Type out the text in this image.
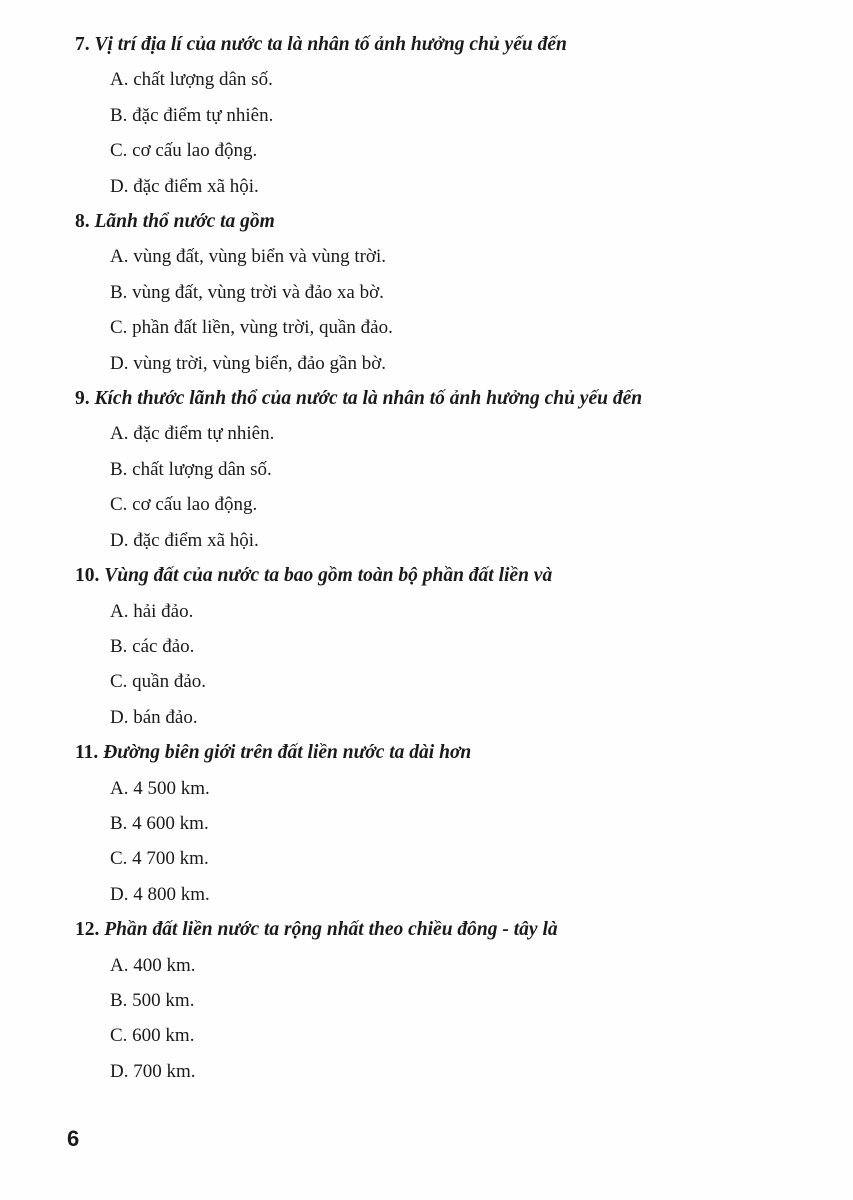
7. Vị trí địa lí của nước ta là nhân tố ảnh hưởng chủ yếu đến
A. chất lượng dân số.
B. đặc điểm tự nhiên.
C. cơ cấu lao động.
D. đặc điểm xã hội.
8. Lãnh thổ nước ta gồm
A. vùng đất, vùng biển và vùng trời.
B. vùng đất, vùng trời và đảo xa bờ.
C. phần đất liền, vùng trời, quần đảo.
D. vùng trời, vùng biển, đảo gần bờ.
9. Kích thước lãnh thổ của nước ta là nhân tố ảnh hưởng chủ yếu đến
A. đặc điểm tự nhiên.
B. chất lượng dân số.
C. cơ cấu lao động.
D. đặc điểm xã hội.
10. Vùng đất của nước ta bao gồm toàn bộ phần đất liền và
A. hải đảo.
B. các đảo.
C. quần đảo.
D. bán đảo.
11. Đường biên giới trên đất liền nước ta dài hơn
A. 4 500 km.
B. 4 600 km.
C. 4 700 km.
D. 4 800 km.
12. Phần đất liền nước ta rộng nhất theo chiều đông - tây là
A. 400 km.
B. 500 km.
C. 600 km.
D. 700 km.
6
